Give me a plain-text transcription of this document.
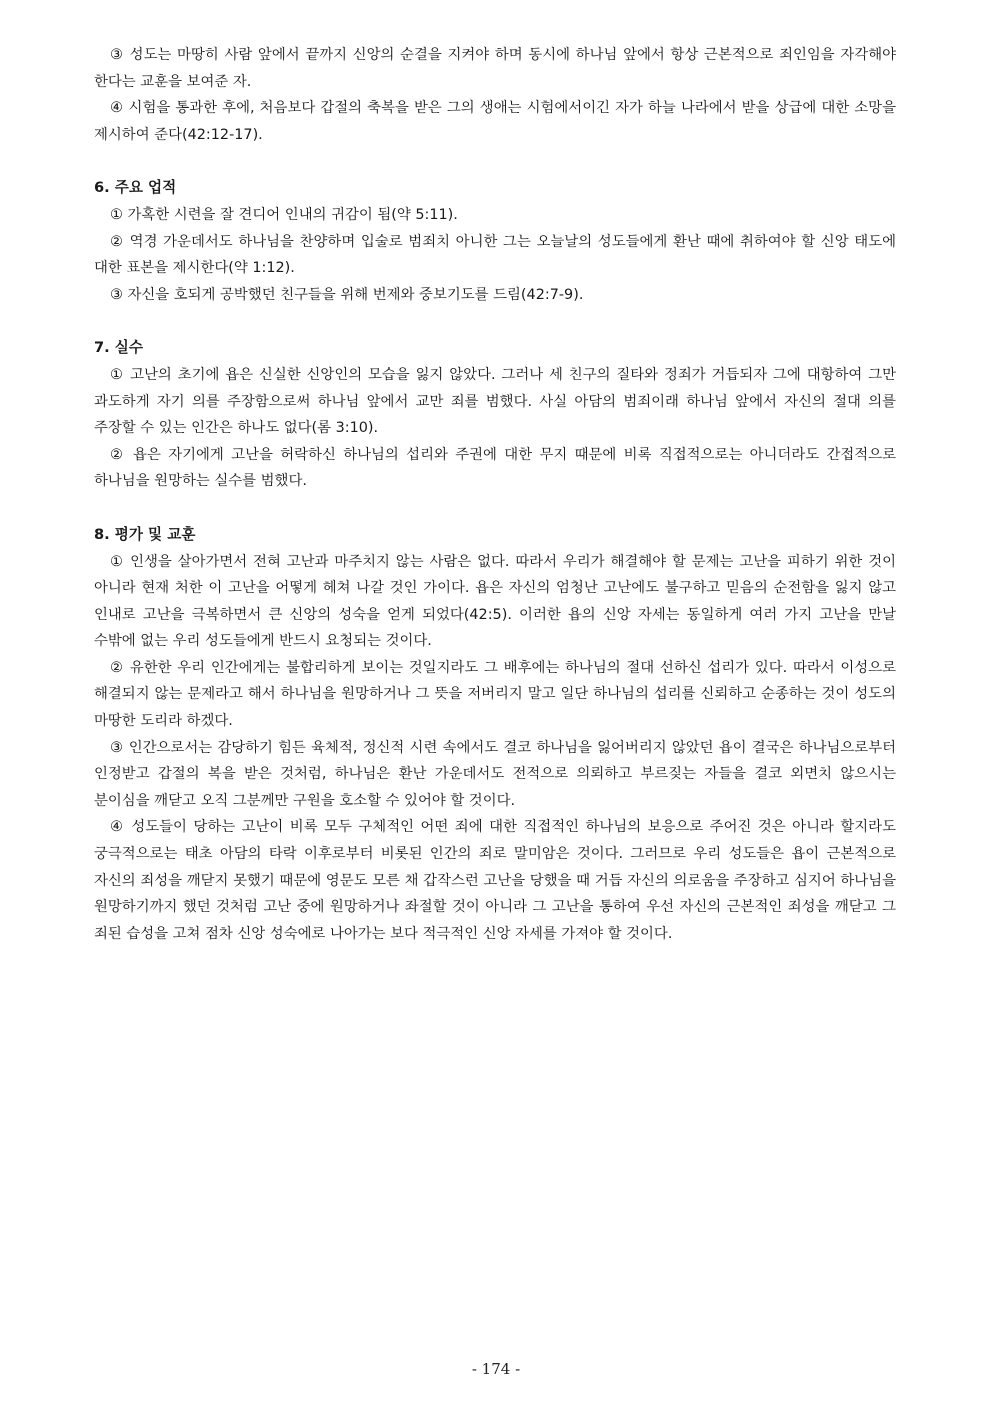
③ 성도는 마땅히 사람 앞에서 끝까지 신앙의 순결을 지켜야 하며 동시에 하나님 앞에서 항상 근본적으로 죄인임을 자각해야 한다는 교훈을 보여준 자.

④ 시험을 통과한 후에, 처음보다 갑절의 축복을 받은 그의 생애는 시험에서이긴 자가 하늘 나라에서 받을 상급에 대한 소망을 제시하여 준다(42:12-17).

6. 주요 업적

① 가혹한 시련을 잘 견디어 인내의 귀감이 됨(약 5:11).

② 역경 가운데서도 하나님을 찬양하며 입술로 범죄치 아니한 그는 오늘날의 성도들에게 환난 때에 취하여야 할 신앙 태도에 대한 표본을 제시한다(약 1:12).

③ 자신을 호되게 공박했던 친구들을 위해 번제와 중보기도를 드림(42:7-9).

7. 실수

① 고난의 초기에 욥은 신실한 신앙인의 모습을 잃지 않았다. 그러나 세 친구의 질타와 정죄가 거듭되자 그에 대항하여 그만 과도하게 자기 의를 주장함으로써 하나님 앞에서 교만 죄를 범했다. 사실 아담의 범죄이래 하나님 앞에서 자신의 절대 의를 주장할 수 있는 인간은 하나도 없다(롬 3:10).

② 욥은 자기에게 고난을 허락하신 하나님의 섭리와 주권에 대한 무지 때문에 비록 직접적으로는 아니더라도 간접적으로 하나님을 원망하는 실수를 범했다.

8. 평가 및 교훈

① 인생을 살아가면서 전혀 고난과 마주치지 않는 사람은 없다. 따라서 우리가 해결해야 할 문제는 고난을 피하기 위한 것이 아니라 현재 처한 이 고난을 어떻게 헤쳐 나갈 것인 가이다. 욥은 자신의 엄청난 고난에도 불구하고 믿음의 순전함을 잃지 않고 인내로 고난을 극복하면서 큰 신앙의 성숙을 얻게 되었다(42:5). 이러한 욥의 신앙 자세는 동일하게 여러 가지 고난을 만날 수밖에 없는 우리 성도들에게 반드시 요청되는 것이다.

② 유한한 우리 인간에게는 불합리하게 보이는 것일지라도 그 배후에는 하나님의 절대 선하신 섭리가 있다. 따라서 이성으로 해결되지 않는 문제라고 해서 하나님을 원망하거나 그 뜻을 저버리지 말고 일단 하나님의 섭리를 신뢰하고 순종하는 것이 성도의 마땅한 도리라 하겠다.

③ 인간으로서는 감당하기 힘든 육체적, 정신적 시련 속에서도 결코 하나님을 잃어버리지 않았던 욥이 결국은 하나님으로부터 인정받고 갑절의 복을 받은 것처럼, 하나님은 환난 가운데서도 전적으로 의뢰하고 부르짖는 자들을 결코 외면치 않으시는 분이심을 깨닫고 오직 그분께만 구원을 호소할 수 있어야 할 것이다.

④ 성도들이 당하는 고난이 비록 모두 구체적인 어떤 죄에 대한 직접적인 하나님의 보응으로 주어진 것은 아니라 할지라도 궁극적으로는 태초 아담의 타락 이후로부터 비롯된 인간의 죄로 말미암은 것이다. 그러므로 우리 성도들은 욥이 근본적으로 자신의 죄성을 깨닫지 못했기 때문에 영문도 모른 채 갑작스런 고난을 당했을 때 거듭 자신의 의로움을 주장하고 심지어 하나님을 원망하기까지 했던 것처럼 고난 중에 원망하거나 좌절할 것이 아니라 그 고난을 통하여 우선 자신의 근본적인 죄성을 깨닫고 그 죄된 습성을 고쳐 점차 신앙 성숙에로 나아가는 보다 적극적인 신앙 자세를 가져야 할 것이다.

- 174 -
